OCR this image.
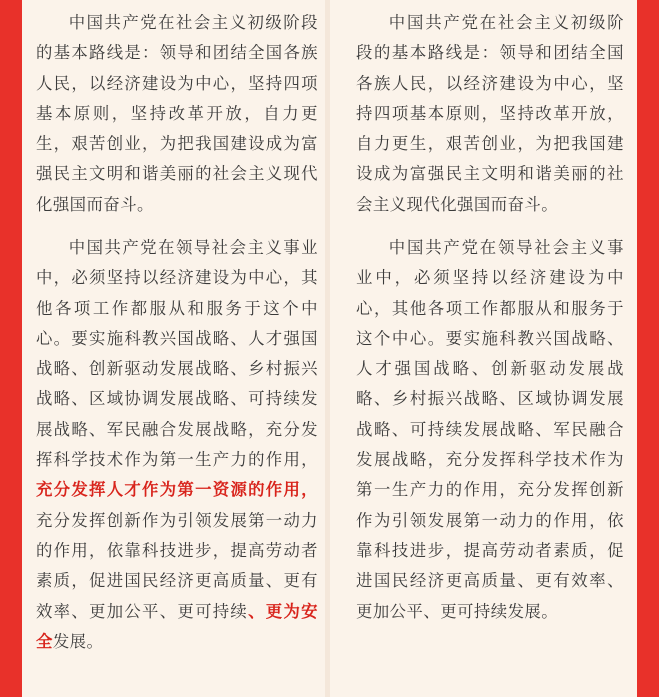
中国共产党在社会主义初级阶段的基本路线是：领导和团结全国各族人民，以经济建设为中心，坚持四项基本原则，坚持改革开放，自力更生，艰苦创业，为把我国建设成为富强民主文明和谐美丽的社会主义现代化强国而奋斗。

中国共产党在领导社会主义事业中，必须坚持以经济建设为中心，其他各项工作都服从和服务于这个中心。要实施科教兴国战略、人才强国战略、创新驱动发展战略、乡村振兴战略、区域协调发展战略、可持续发展战略、军民融合发展战略，充分发挥科学技术作为第一生产力的作用，充分发挥人才作为第一资源的作用，充分发挥创新作为引领发展第一动力的作用，依靠科技进步，提高劳动者素质，促进国民经济更高质量、更有效率、更加公平、更可持续、更为安全发展。

中国共产党在社会主义初级阶段的基本路线是：领导和团结全国各族人民，以经济建设为中心，坚持四项基本原则，坚持改革开放，自力更生，艰苦创业，为把我国建设成为富强民主文明和谐美丽的社会主义现代化强国而奋斗。

中国共产党在领导社会主义事业中，必须坚持以经济建设为中心，其他各项工作都服从和服务于这个中心。要实施科教兴国战略、人才强国战略、创新驱动发展战略、乡村振兴战略、区域协调发展战略、可持续发展战略、军民融合发展战略，充分发挥科学技术作为第一生产力的作用，充分发挥创新作为引领发展第一动力的作用，依靠科技进步，提高劳动者素质，促进国民经济更高质量、更有效率、更加公平、更可持续发展。
